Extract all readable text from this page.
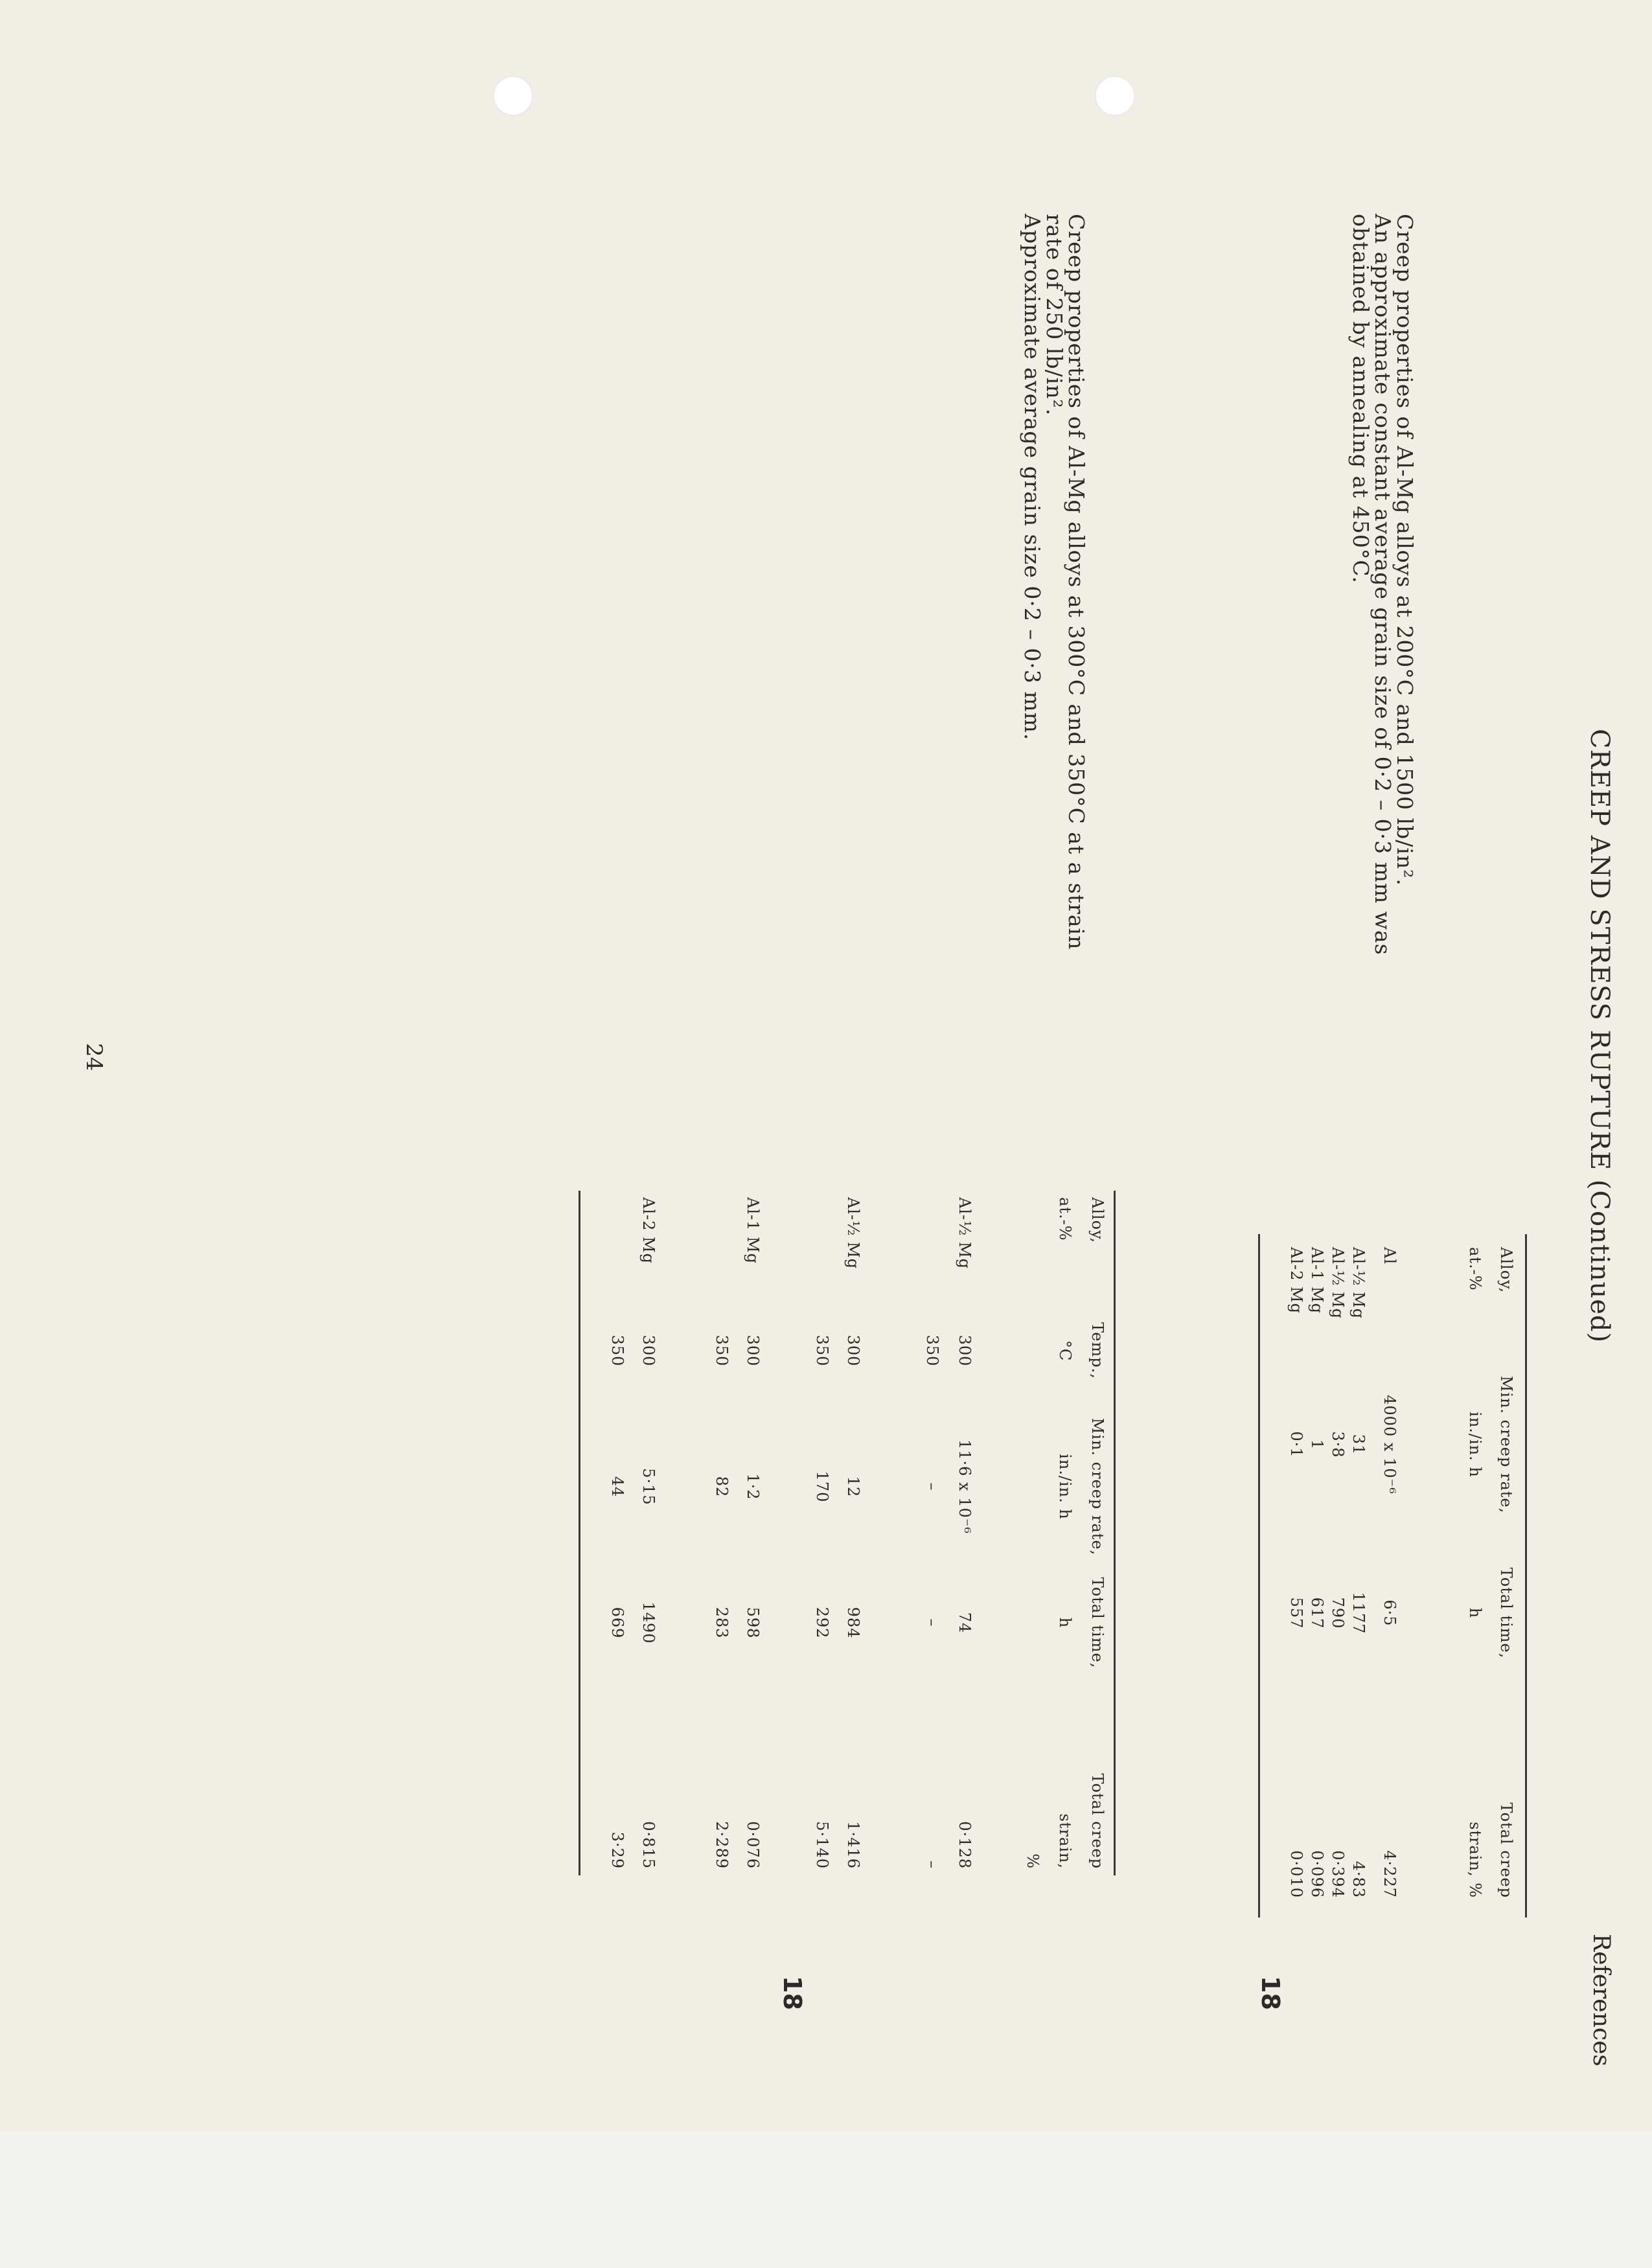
CREEP AND STRESS RUPTURE (Continued)
References
Creep properties of Al-Mg alloys at 200°C and 1500 lb/in².
An approximate constant average grain size of 0·2 – 0·3 mm was
obtained by annealing at 450°C.
Creep properties of Al-Mg alloys at 300°C and 350°C at a strain
rate of 250 lb/in².
Approximate average grain size 0·2 – 0·3 mm.
18
18
Alloy,
at.-%
Min. creep rate,
in./in. h
Total time,
h
Total creep
strain, %
Al
4000 x 10⁻⁶
6·5
4·227
Al-½ Mg
31
1177
4·83
Al-½ Mg
3·8
790
0·394
Al-1 Mg
1
617
0·096
Al-2 Mg
0·1
557
0·010
Alloy,
at.-%
Temp.,
°C
Min. creep rate,
in./in. h
Total time,
h
Total creep
strain,
%
Al-½ Mg
300
11·6 x 10⁻⁶
74
0·128
350
–
–
–
Al-½ Mg
300
12
984
1·416
350
170
292
5·140
Al-1 Mg
300
1·2
598
0·076
350
82
283
2·289
Al-2 Mg
300
5·15
1490
0·815
350
44
669
3·29
24
